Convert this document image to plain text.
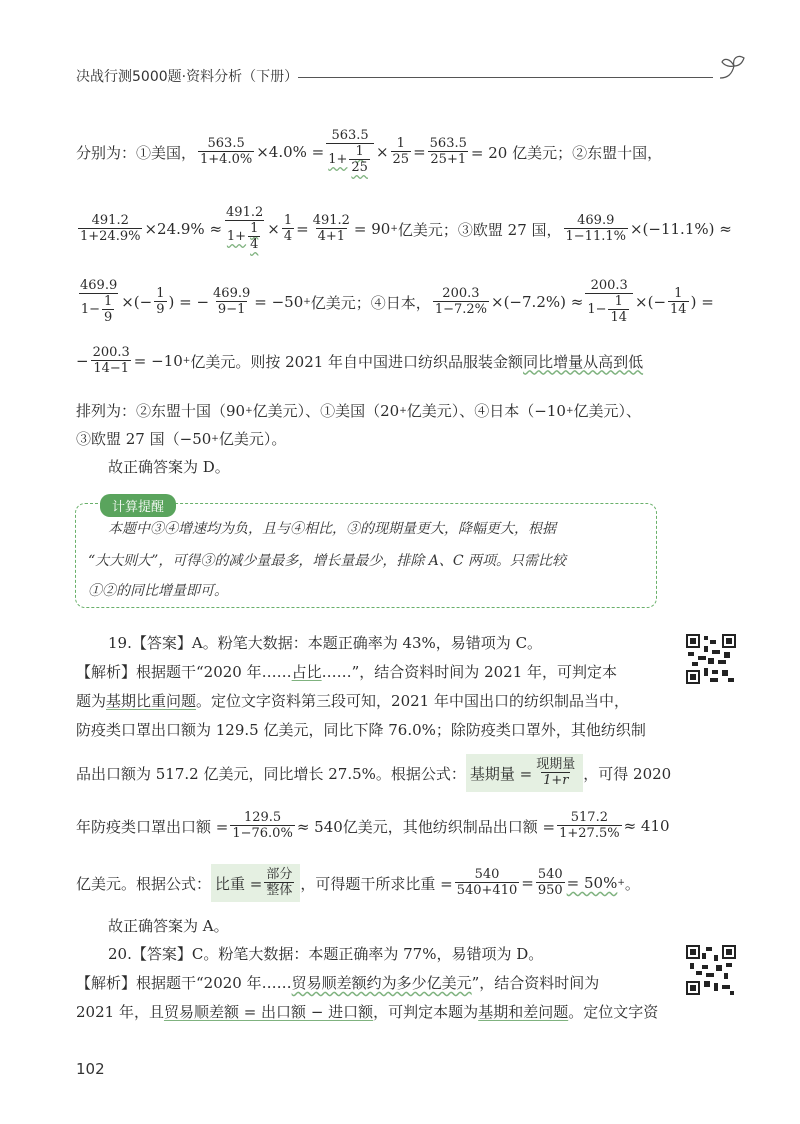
决战行测5000题·资料分析（下册）
分别为：①美国， $\frac{563.5}{1+4.0\%} \times 4.0\% = \frac{563.5}{1+ \frac{1}{25}} \times \frac{1}{25} = \frac{563.5}{25+1} = 20$ 亿美元；②东盟十国，
$\frac{491.2}{1+24.9\%} \times 24.9\% \approx \frac{491.2}{1+ \frac{1}{4}} \times \frac{1}{4} = \frac{491.2}{4+1} = 90$ + 亿美元；③欧盟 27 国， $\frac{469.9}{1-11.1\%} \times(-11.1\%)$ ≈
$\frac{469.9}{1- \frac{1}{9}}$ ×(− $\frac{1}{9}$ ) = − $\frac{469.9}{9-1} = -50$ + 亿美元；④日本， $\frac{200.3}{1-7.2\%} \times(-7.2\%) \approx \frac{200.3}{1- \frac{1}{14}}$ ×(− $\frac{1}{14}$ ) =
− $\frac{200.3}{14-1} = -10$ + 亿美元。则按 2021 年自中国进口纺织品服装金额 同比增量从高到低
排列为：②东盟十国（90 + 亿美元）、①美国（20 + 亿美元）、④日本（−10 + 亿美元）、
③欧盟 27 国（−50 + 亿美元）。
故正确答案为 D。
计算提醒
本题中③④增速均为负，且与④相比，③的现期量更大，降幅更大，根据
“大大则大”，可得③的减少量最多，增长量最少，排除 A、C 两项。只需比较
①②的同比增量即可。
19.【答案】A。粉笔大数据：本题正确率为 43%，易错项为 C。
【解析】根据题干“2020 年…… 占比 ……”，结合资料时间为 2021 年，可判定本
题为 基期比重问题 。定位文字资料第三段可知，2021 年中国出口的纺织制品当中，
防疫类口罩出口额为 129.5 亿美元，同比下降 76.0%；除防疫类口罩外，其他纺织制
品出口额为 517.2 亿美元，同比增长 27.5%。根据公式： 基期量 = 现期量
1+r ，可得 2020
年防疫类口罩出口额 = $\frac{129.5}{1-76.0\%} \approx 540$亿美元，其他纺织制品出口额 = $\frac{517.2}{1+27.5\%} \approx 410$
亿美元。根据公式： 比重 = 部分
整体 ，可得题干所求比重 = $\frac{540}{540+410} = \frac{540}{950} = 50\%$ + 。
故正确答案为 A。
20.【答案】C。粉笔大数据：本题正确率为 77%，易错项为 D。
【解析】根据题干“2020 年…… 贸易顺差额约为多少亿美元 ”，结合资料时间为
2021 年，且 贸易顺差额 = 出口额 − 进口额 ，可判定本题为 基期和差问题 。定位文字资
102
